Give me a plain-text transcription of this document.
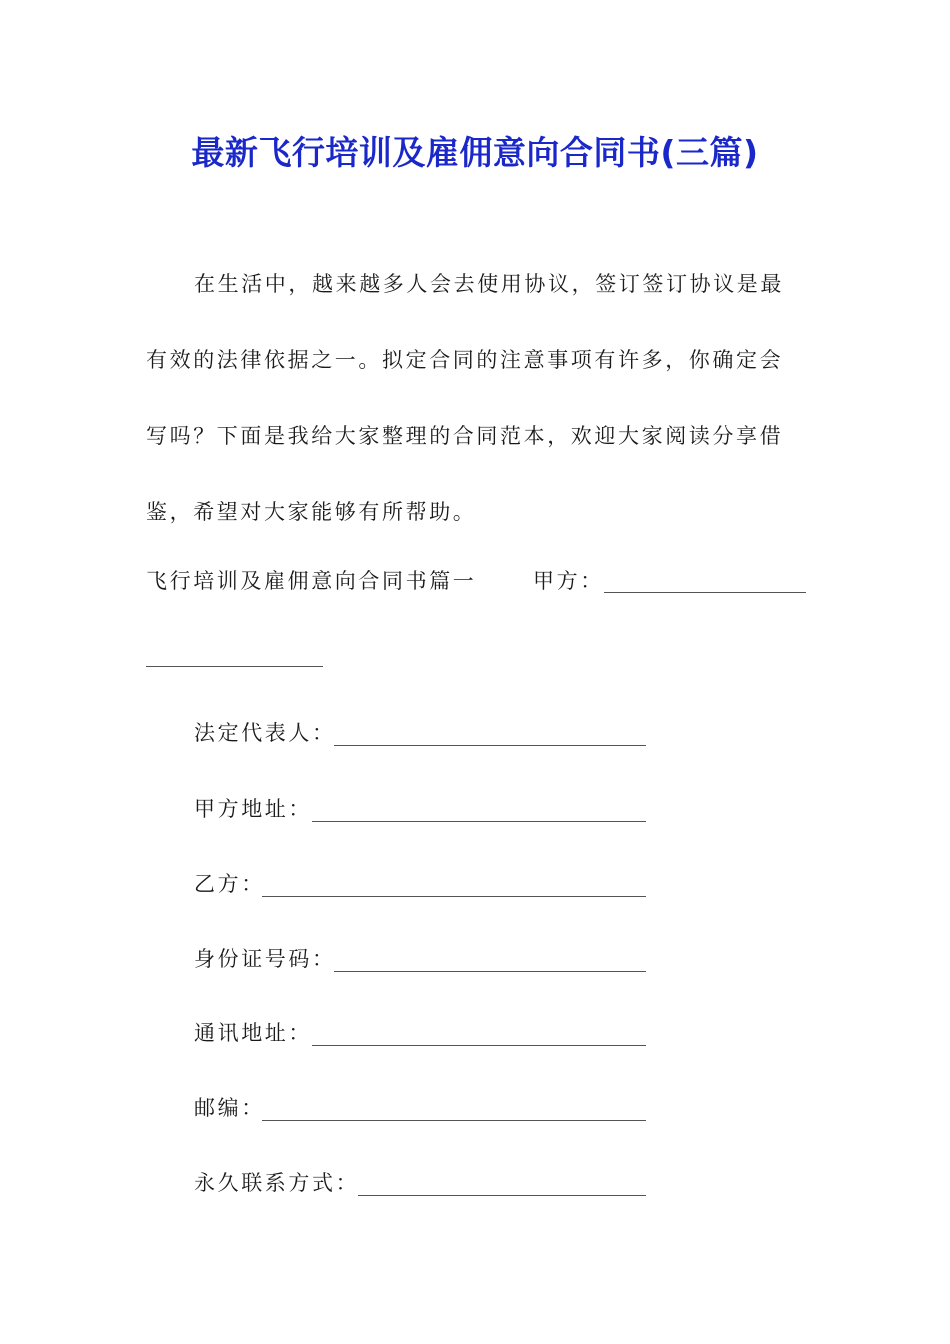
最新飞行培训及雇佣意向合同书(三篇)
在生活中，越来越多人会去使用协议，签订签订协议是最
有效的法律依据之一。拟定合同的注意事项有许多，你确定会
写吗？下面是我给大家整理的合同范本，欢迎大家阅读分享借
鉴，希望对大家能够有所帮助。
飞行培训及雇佣意向合同书篇一	甲方：
法定代表人：
甲方地址：
乙方：
身份证号码：
通讯地址：
邮编：
永久联系方式：
